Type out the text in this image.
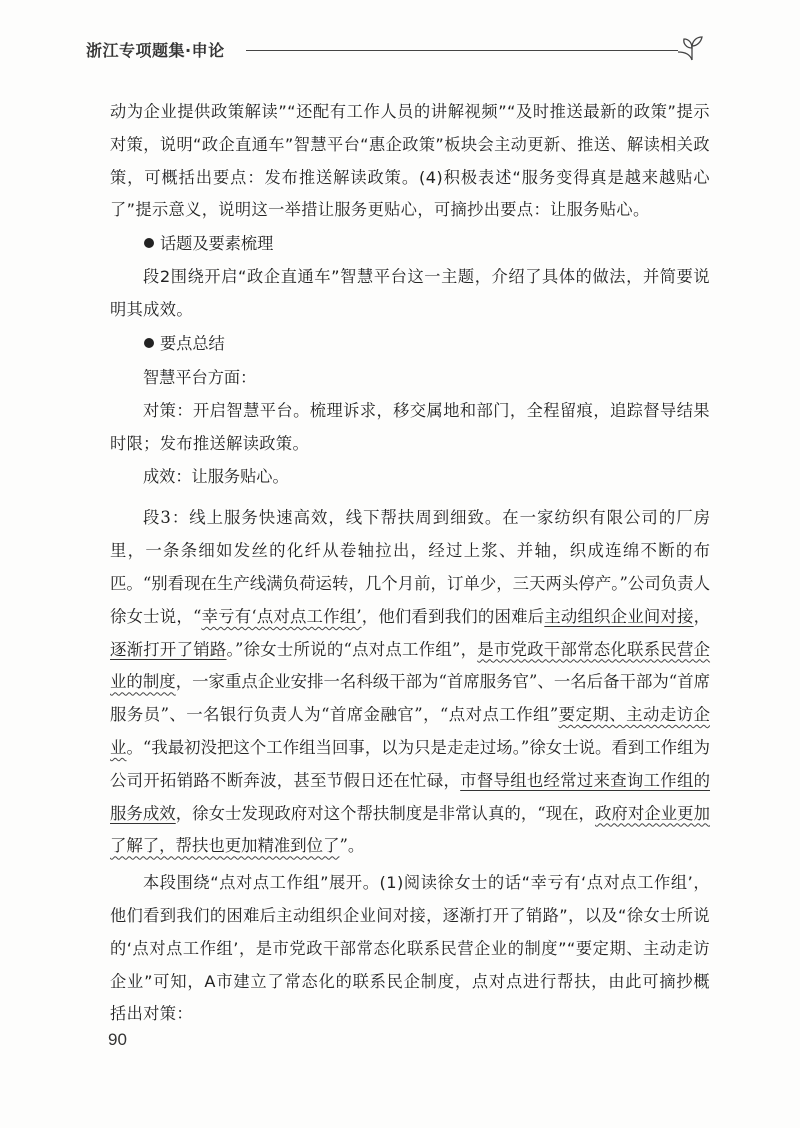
浙江专项题集·申论

动为企业提供政策解读”“还配有工作人员的讲解视频”“及时推送最新的政策”提示对策，说明“政企直通车”智慧平台“惠企政策”板块会主动更新、推送、解读相关政策，可概括出要点：发布推送解读政策。(4)积极表述“服务变得真是越来越贴心了”提示意义，说明这一举措让服务更贴心，可摘抄出要点：让服务贴心。

话题及要素梳理

段2围绕开启“政企直通车”智慧平台这一主题，介绍了具体的做法，并简要说明其成效。

要点总结

智慧平台方面：

对策：开启智慧平台。梳理诉求，移交属地和部门，全程留痕，追踪督导结果时限；发布推送解读政策。

成效：让服务贴心。

段3：线上服务快速高效，线下帮扶周到细致。在一家纺织有限公司的厂房里，一条条细如发丝的化纤从卷轴拉出，经过上浆、并轴，织成连绵不断的布匹。“别看现在生产线满负荷运转，几个月前，订单少，三天两头停产。”公司负责人徐女士说，“幸亏有‘点对点工作组’，他们看到我们的困难后主动组织企业间对接，逐渐打开了销路。”徐女士所说的“点对点工作组”，是市党政干部常态化联系民营企业的制度，一家重点企业安排一名科级干部为“首席服务官”、一名后备干部为“首席服务员”、一名银行负责人为“首席金融官”，“点对点工作组”要定期、主动走访企业。“我最初没把这个工作组当回事，以为只是走走过场。”徐女士说。看到工作组为公司开拓销路不断奔波，甚至节假日还在忙碌，市督导组也经常过来查询工作组的服务成效，徐女士发现政府对这个帮扶制度是非常认真的，“现在，政府对企业更加了解了，帮扶也更加精准到位了”。

本段围绕“点对点工作组”展开。(1)阅读徐女士的话“幸亏有‘点对点工作组’，他们看到我们的困难后主动组织企业间对接，逐渐打开了销路”，以及“徐女士所说的‘点对点工作组’，是市党政干部常态化联系民营企业的制度”“要定期、主动走访企业”可知，A市建立了常态化的联系民企制度，点对点进行帮扶，由此可摘抄概括出对策：

90
